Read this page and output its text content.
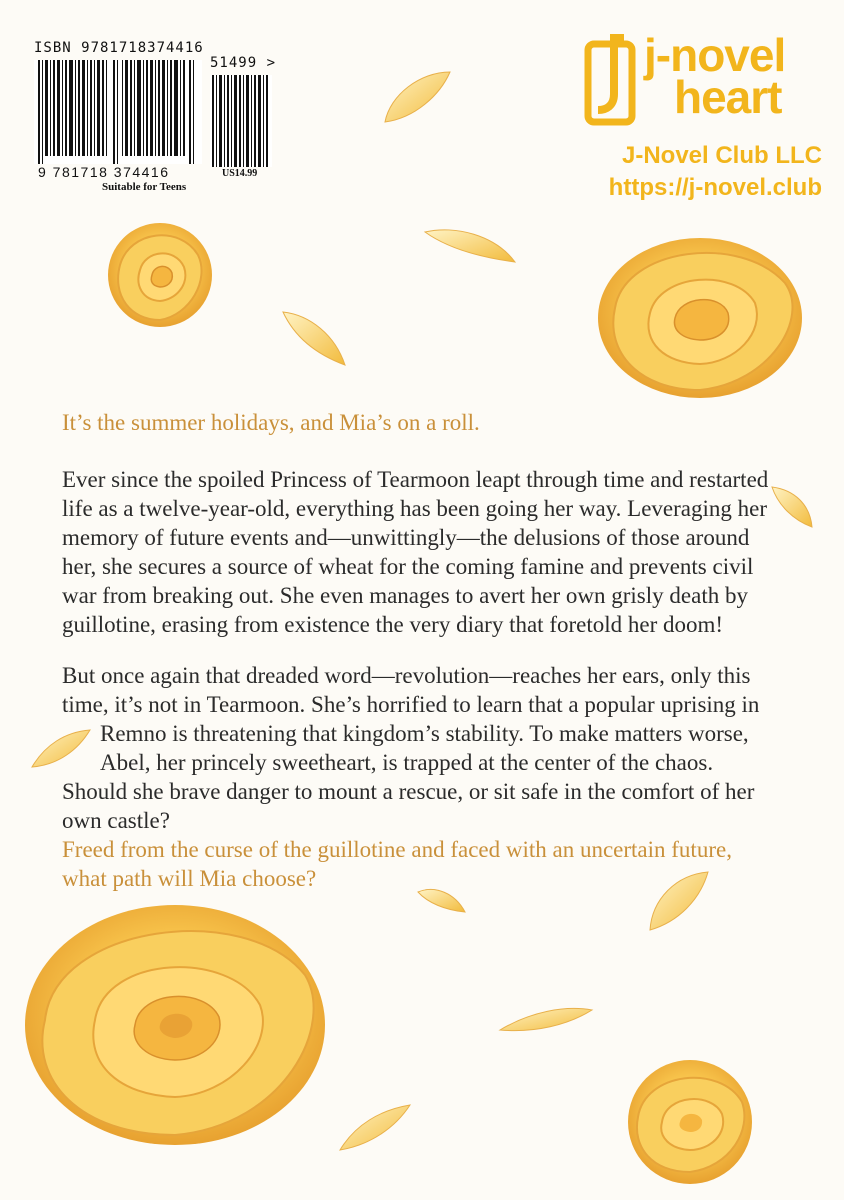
ISBN 9781718374416
51499 >
9 781718 374416
Suitable for Teens
US14.99
j-novel
heart
J-Novel Club LLC
https://j-novel.club
It’s the summer holidays, and Mia’s on a roll.

Ever since the spoiled Princess of Tearmoon leapt through time and restarted life as a twelve-year-old, everything has been going her way. Leveraging her memory of future events and—unwittingly—the delusions of those around her, she secures a source of wheat for the coming famine and prevents civil war from breaking out. She even manages to avert her own grisly death by guillotine, erasing from existence the very diary that foretold her doom!

But once again that dreaded word—revolution—reaches her ears, only this time, it’s not in Tearmoon. She’s horrified to learn that a popular uprising in
Remno is threatening that kingdom’s stability. To make matters worse,
Abel, her princely sweetheart, is trapped at the center of the chaos. Should she brave danger to mount a rescue, or sit safe in the comfort of her own castle?
Freed from the curse of the guillotine and faced with an uncertain future, what path will Mia choose?
